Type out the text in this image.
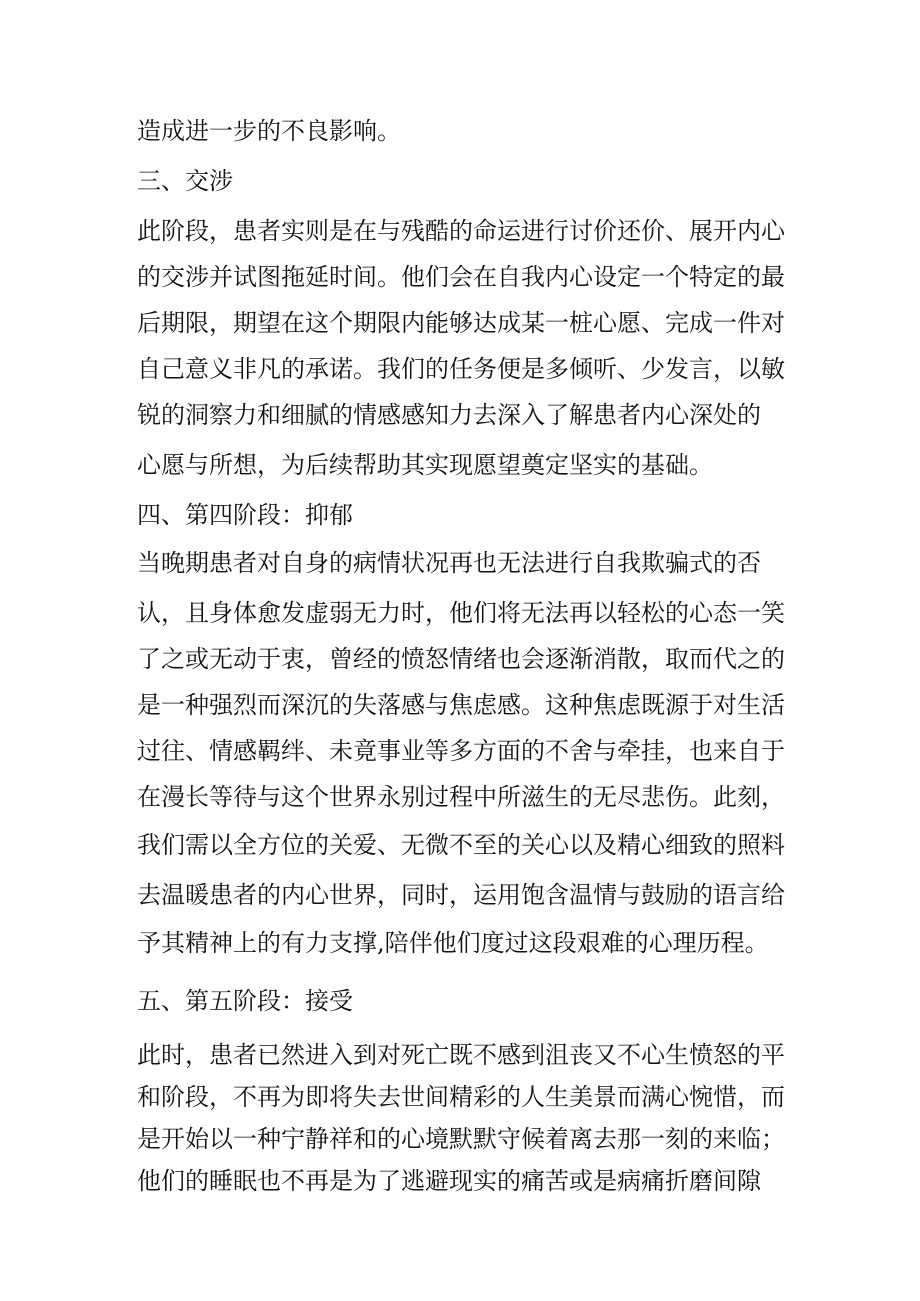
造成进一步的不良影响。
三、交涉
此阶段，患者实则是在与残酷的命运进行讨价还价、展开内心
的交涉并试图拖延时间。他们会在自我内心设定一个特定的最
后期限，期望在这个期限内能够达成某一桩心愿、完成一件对
自己意义非凡的承诺。我们的任务便是多倾听、少发言，以敏
锐的洞察力和细腻的情感感知力去深入了解患者内心深处的
心愿与所想，为后续帮助其实现愿望奠定坚实的基础。
四、第四阶段：抑郁
当晚期患者对自身的病情状况再也无法进行自我欺骗式的否
认，且身体愈发虚弱无力时，他们将无法再以轻松的心态一笑
了之或无动于衷，曾经的愤怒情绪也会逐渐消散，取而代之的
是一种强烈而深沉的失落感与焦虑感。这种焦虑既源于对生活
过往、情感羁绊、未竟事业等多方面的不舍与牵挂，也来自于
在漫长等待与这个世界永别过程中所滋生的无尽悲伤。此刻，
我们需以全方位的关爱、无微不至的关心以及精心细致的照料
去温暖患者的内心世界，同时，运用饱含温情与鼓励的语言给
予其精神上的有力支撑,陪伴他们度过这段艰难的心理历程。
五、第五阶段：接受
此时，患者已然进入到对死亡既不感到沮丧又不心生愤怒的平
和阶段，不再为即将失去世间精彩的人生美景而满心惋惜，而
是开始以一种宁静祥和的心境默默守候着离去那一刻的来临；
他们的睡眠也不再是为了逃避现实的痛苦或是病痛折磨间隙
